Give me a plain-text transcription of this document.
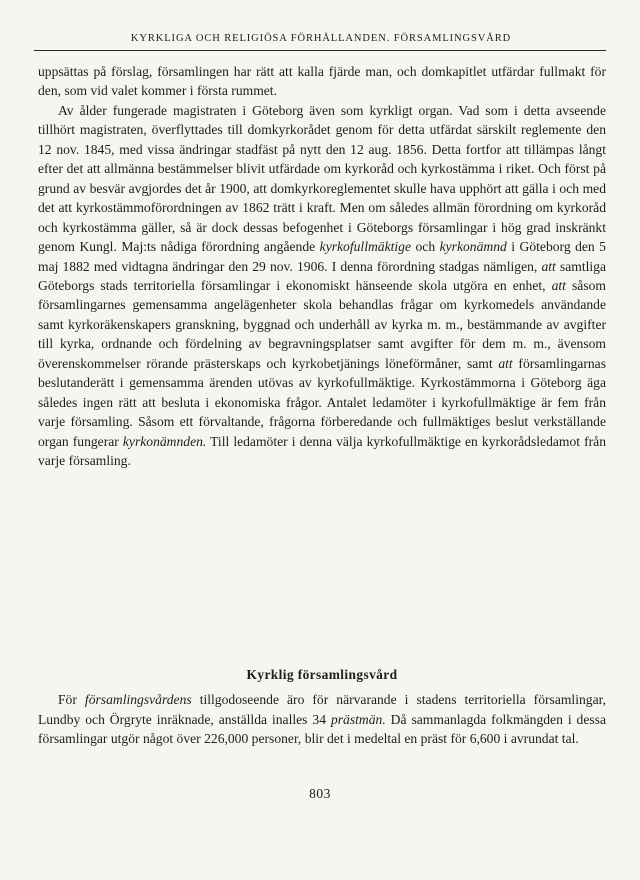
KYRKLIGA OCH RELIGIÖSA FÖRHÅLLANDEN. FÖRSAMLINGSVÅRD

uppsättas på förslag, församlingen har rätt att kalla fjärde man, och domkapitlet utfärdar fullmakt för den, som vid valet kommer i första rummet.

Av ålder fungerade magistraten i Göteborg även som kyrkligt organ. Vad som i detta avseende tillhört magistraten, överflyttades till domkyrkorådet genom för detta utfärdat särskilt reglemente den 12 nov. 1845, med vissa ändringar stadfäst på nytt den 12 aug. 1856. Detta fortfor att tillämpas långt efter det att allmänna bestämmelser blivit utfärdade om kyrkoråd och kyrkostämma i riket. Och först på grund av besvär avgjordes det år 1900, att domkyrkoreglementet skulle hava upphört att gälla i och med det att kyrkostämmoförordningen av 1862 trätt i kraft. Men om således allmän förordning om kyrkoråd och kyrkostämma gäller, så är dock dessas befogenhet i Göteborgs församlingar i hög grad inskränkt genom Kungl. Maj:ts nådiga förordning angående kyrkofullmäktige och kyrkonämnd i Göteborg den 5 maj 1882 med vidtagna ändringar den 29 nov. 1906. I denna förordning stadgas nämligen, att samtliga Göteborgs stads territoriella församlingar i ekonomiskt hänseende skola utgöra en enhet, att såsom församlingarnes gemensamma angelägenheter skola behandlas frågar om kyrkomedels användande samt kyrkoräkenskapers granskning, byggnad och underhåll av kyrka m. m., bestämmande av avgifter till kyrka, ordnande och fördelning av begravningsplatser samt avgifter för dem m. m., ävensom överenskommelser rörande prästerskaps och kyrkobetjänings löneförmåner, samt att församlingarnas beslutanderätt i gemensamma ärenden utövas av kyrkofullmäktige. Kyrkostämmorna i Göteborg äga således ingen rätt att besluta i ekonomiska frågor. Antalet ledamöter i kyrkofullmäktige är fem från varje församling. Såsom ett förvaltande, frågorna förberedande och fullmäktiges beslut verkställande organ fungerar kyrkonämnden. Till ledamöter i denna välja kyrkofullmäktige en kyrkorådsledamot från varje församling.

Kyrklig församlingsvård

För församlingsvårdens tillgodoseende äro för närvarande i stadens territoriella församlingar, Lundby och Örgryte inräknade, anställda inalles 34 prästmän. Då sammanlagda folkmängden i dessa församlingar utgör något över 226,000 personer, blir det i medeltal en präst för 6,600 i avrundat tal.

803
